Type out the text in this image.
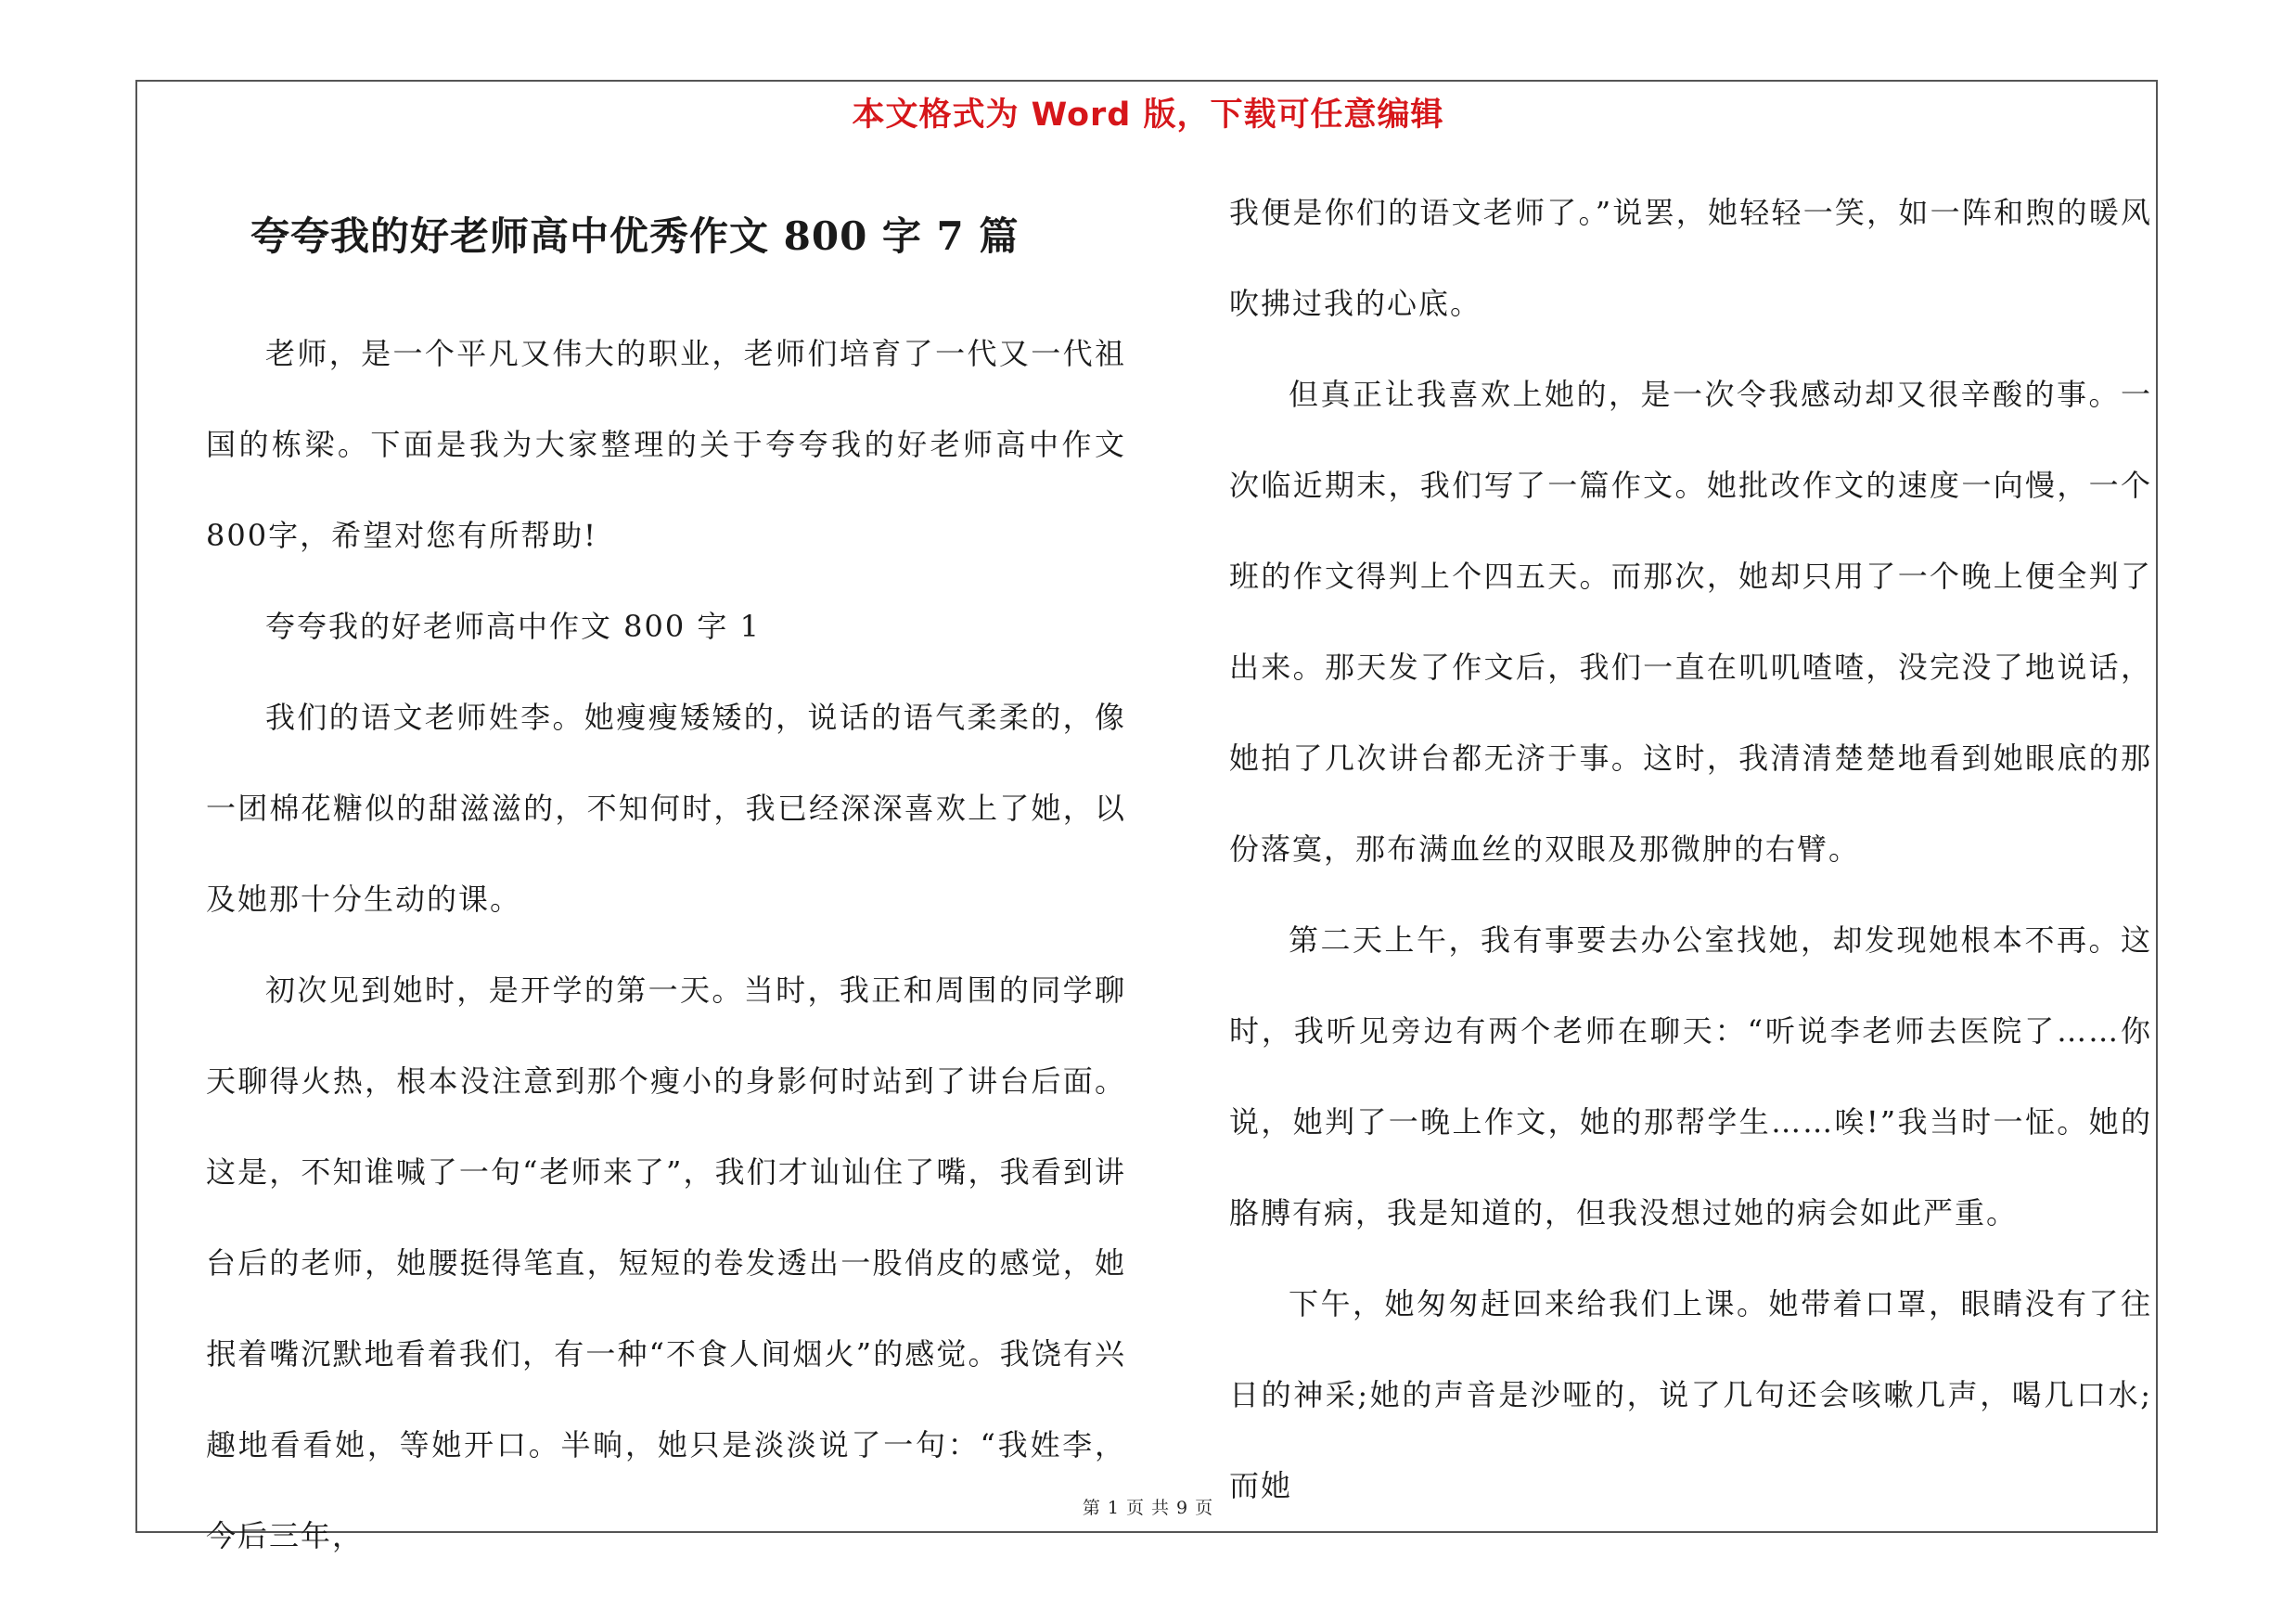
本文格式为 Word 版，下载可任意编辑
夸夸我的好老师高中优秀作文 800 字 7 篇

老师，是一个平凡又伟大的职业，老师们培育了一代又一代祖国的栋梁。下面是我为大家整理的关于夸夸我的好老师高中作文800字，希望对您有所帮助!

夸夸我的好老师高中作文 800 字 1

我们的语文老师姓李。她瘦瘦矮矮的，说话的语气柔柔的，像一团棉花糖似的甜滋滋的，不知何时，我已经深深喜欢上了她，以及她那十分生动的课。

初次见到她时，是开学的第一天。当时，我正和周围的同学聊天聊得火热，根本没注意到那个瘦小的身影何时站到了讲台后面。这是，不知谁喊了一句“老师来了”，我们才讪讪住了嘴，我看到讲台后的老师，她腰挺得笔直，短短的卷发透出一股俏皮的感觉，她抿着嘴沉默地看着我们，有一种“不食人间烟火”的感觉。我饶有兴趣地看看她，等她开口。半晌，她只是淡淡说了一句：“我姓李，今后三年，

我便是你们的语文老师了。”说罢，她轻轻一笑，如一阵和煦的暖风吹拂过我的心底。

但真正让我喜欢上她的，是一次令我感动却又很辛酸的事。一次临近期末，我们写了一篇作文。她批改作文的速度一向慢，一个班的作文得判上个四五天。而那次，她却只用了一个晚上便全判了出来。那天发了作文后，我们一直在叽叽喳喳，没完没了地说话，她拍了几次讲台都无济于事。这时，我清清楚楚地看到她眼底的那份落寞，那布满血丝的双眼及那微肿的右臂。

第二天上午，我有事要去办公室找她，却发现她根本不再。这时，我听见旁边有两个老师在聊天：“听说李老师去医院了……你说，她判了一晚上作文，她的那帮学生……唉!”我当时一怔。她的胳膊有病，我是知道的，但我没想过她的病会如此严重。

下午，她匆匆赶回来给我们上课。她带着口罩，眼睛没有了往日的神采;她的声音是沙哑的，说了几句还会咳嗽几声，喝几口水;而她

第 1 页 共 9 页
